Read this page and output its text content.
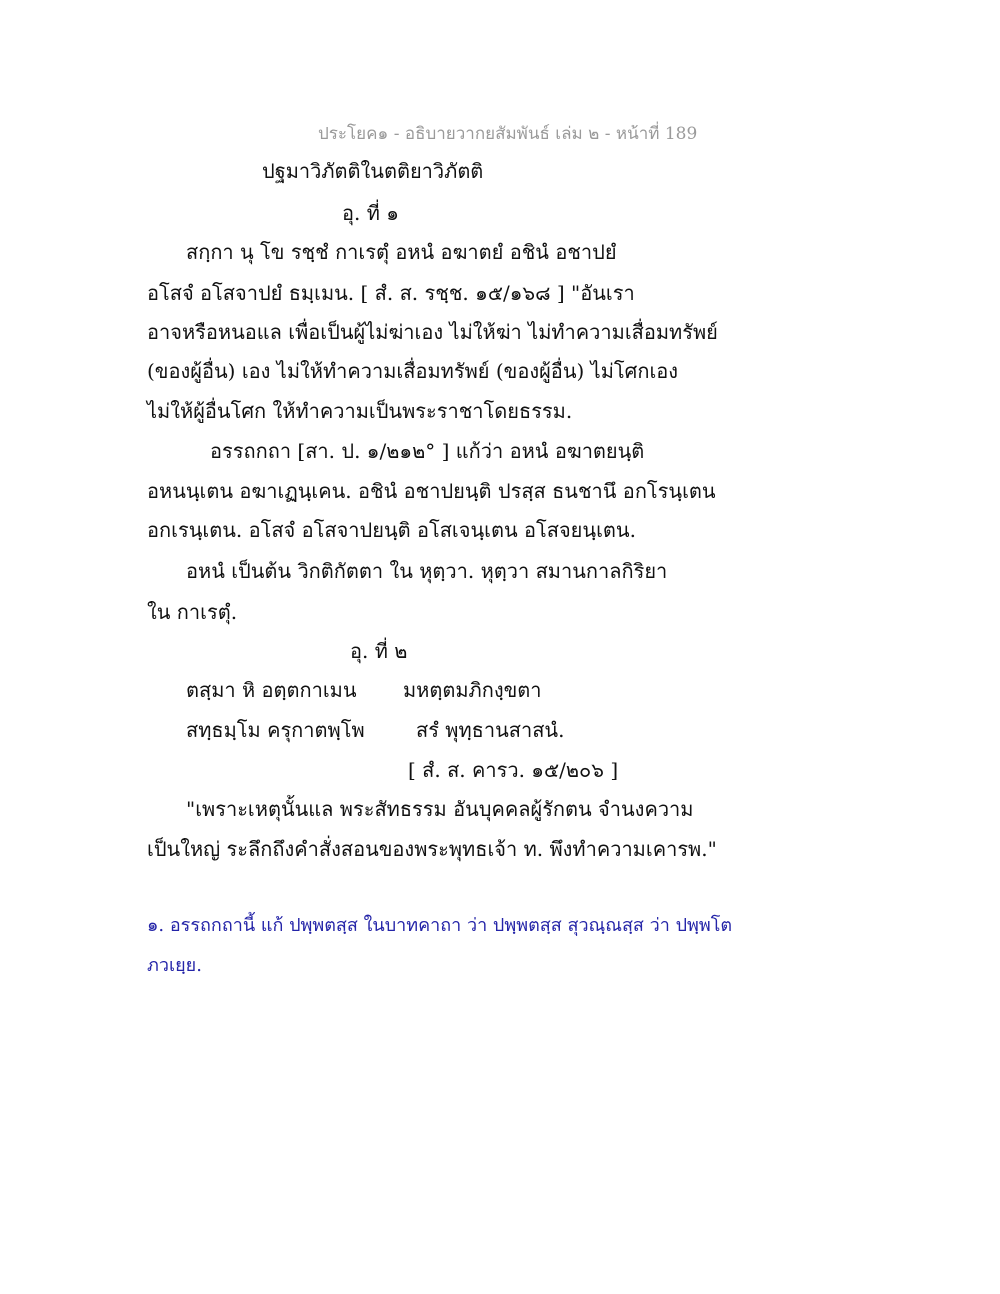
ประโยค๑ - อธิบายวากยสัมพันธ์ เล่ม ๒ - หน้าที่ 189
ปฐมาวิภัตติในตติยาวิภัตติ
อุ. ที่ ๑
สกฺกา นุ โข รชฺชํ กาเรตุํ อหนํ อฆาตยํ อชินํ อชาปยํ
อโสจํ อโสจาปยํ ธมฺเมน. [ สํ. ส. รชฺช. ๑๕/๑๖๘ ] "อันเรา
อาจหรือหนอแล เพื่อเป็นผู้ไม่ฆ่าเอง ไม่ให้ฆ่า ไม่ทำความเสื่อมทรัพย์
(ของผู้อื่น) เอง ไม่ให้ทำความเสื่อมทรัพย์ (ของผู้อื่น) ไม่โศกเอง
ไม่ให้ผู้อื่นโศก ให้ทำความเป็นพระราชาโดยธรรม.
อรรถกถา [สา. ป. ๑/๒๑๒° ] แก้ว่า อหนํ อฆาตยนฺติ
อหนนฺเตน อฆาเฏนฺเคน. อชินํ อชาปยนฺติ ปรสฺส ธนชานึ อกโรนฺเตน
อกเรนฺเตน. อโสจํ อโสจาปยนฺติ อโสเจนฺเตน อโสจยนฺเตน.
อหนํ เป็นต้น วิกติกัตตา ใน หุตฺวา. หุตฺวา สมานกาลกิริยา
ใน กาเรตุํ.
อุ. ที่ ๒
ตสฺมา หิ อตฺตกาเมน มหตฺตมภิกงฺขตา
สทฺธมฺโม ครุกาตพฺโพ	สรํ พุทฺธานสาสนํ.
[ สํ. ส. คารว. ๑๕/๒๐๖ ]
"เพราะเหตุนั้นแล พระสัทธรรม อันบุคคลผู้รักตน จำนงความ
เป็นใหญ่ ระลึกถึงคำสั่งสอนของพระพุทธเจ้า ท. พึงทำความเคารพ."
๑. อรรถกถานี้ แก้ ปพฺพตสฺส ในบาทคาถา ว่า ปพฺพตสฺส สุวณฺณสฺส ว่า ปพฺพโต
ภวเยฺย.
